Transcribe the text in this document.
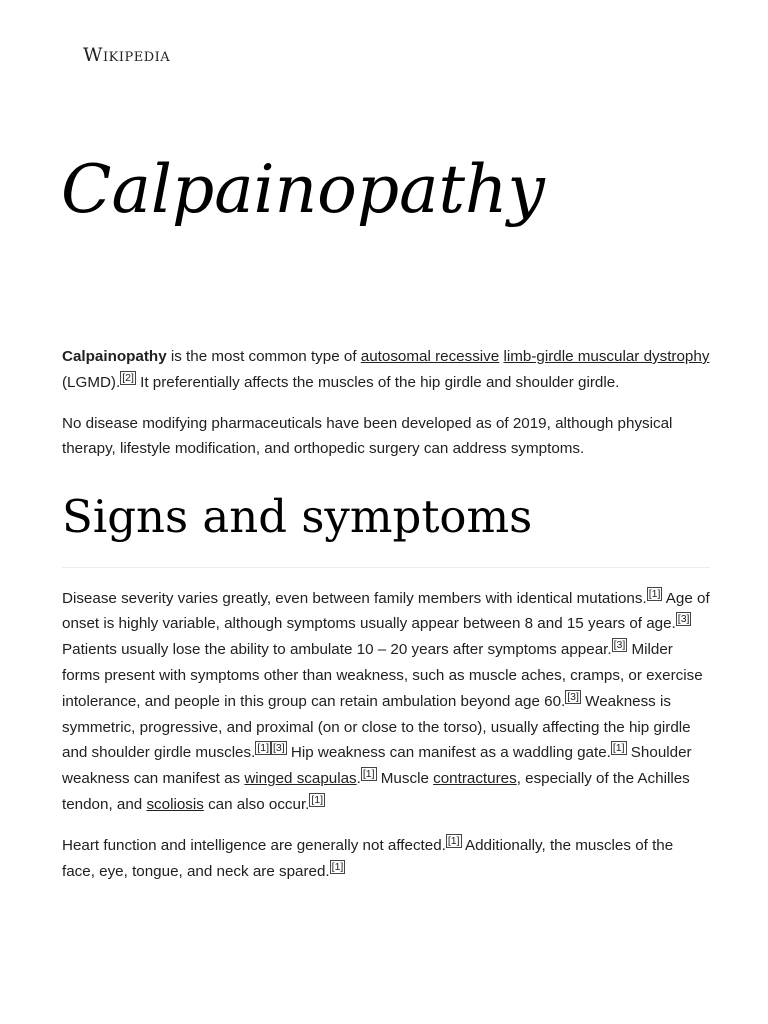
Wikipedia
Calpainopathy

Calpainopathy is the most common type of autosomal recessive limb-girdle muscular dystrophy (LGMD). [2] It preferentially affects the muscles of the hip girdle and shoulder girdle.

No disease modifying pharmaceuticals have been developed as of 2019, although physical therapy, lifestyle modification, and orthopedic surgery can address symptoms.

Signs and symptoms

Disease severity varies greatly, even between family members with identical mutations. [1] Age of onset is highly variable, although symptoms usually appear between 8 and 15 years of age. [3] Patients usually lose the ability to ambulate 10 – 20 years after symptoms appear. [3] Milder forms present with symptoms other than weakness, such as muscle aches, cramps, or exercise intolerance, and people in this group can retain ambulation beyond age 60. [3] Weakness is symmetric, progressive, and proximal (on or close to the torso), usually affecting the hip girdle and shoulder girdle muscles. [1] [3] Hip weakness can manifest as a waddling gate. [1] Shoulder weakness can manifest as winged scapulas. [1] Muscle contractures, especially of the Achilles tendon, and scoliosis can also occur. [1]

Heart function and intelligence are generally not affected. [1] Additionally, the muscles of the face, eye, tongue, and neck are spared. [1]
